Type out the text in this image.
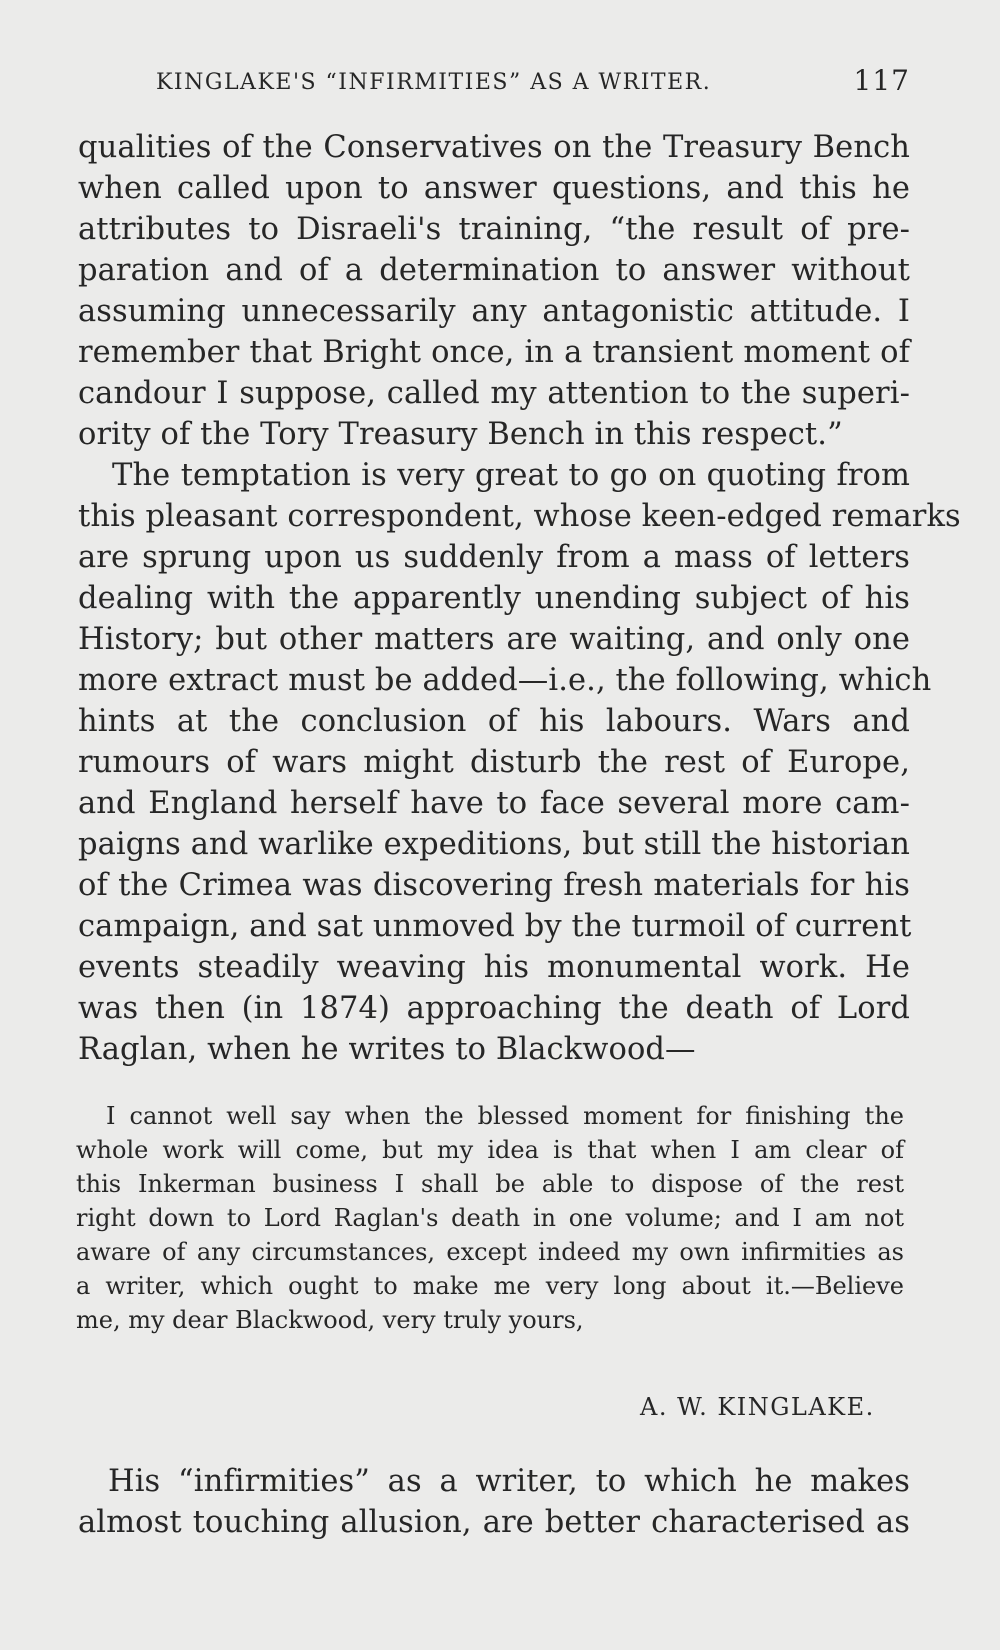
KINGLAKE'S “INFIRMITIES” AS A WRITER.	117
qualities of the Conservatives on the Treasury Bench
when called upon to answer questions, and this he
attributes to Disraeli's training, “the result of pre-
paration and of a determination to answer without
assuming unnecessarily any antagonistic attitude. I
remember that Bright once, in a transient moment of
candour I suppose, called my attention to the superi-
ority of the Tory Treasury Bench in this respect.”
The temptation is very great to go on quoting from
this pleasant correspondent, whose keen-edged remarks
are sprung upon us suddenly from a mass of letters
dealing with the apparently unending subject of his
History; but other matters are waiting, and only one
more extract must be added—i.e., the following, which
hints at the conclusion of his labours. Wars and
rumours of wars might disturb the rest of Europe,
and England herself have to face several more cam-
paigns and warlike expeditions, but still the historian
of the Crimea was discovering fresh materials for his
campaign, and sat unmoved by the turmoil of current
events steadily weaving his monumental work. He
was then (in 1874) approaching the death of Lord
Raglan, when he writes to Blackwood—
I cannot well say when the blessed moment for finishing the
whole work will come, but my idea is that when I am clear of
this Inkerman business I shall be able to dispose of the rest
right down to Lord Raglan's death in one volume; and I am not
aware of any circumstances, except indeed my own infirmities as
a writer, which ought to make me very long about it.—Believe
me, my dear Blackwood, very truly yours,
A. W. KINGLAKE.
His “infirmities” as a writer, to which he makes
almost touching allusion, are better characterised as
